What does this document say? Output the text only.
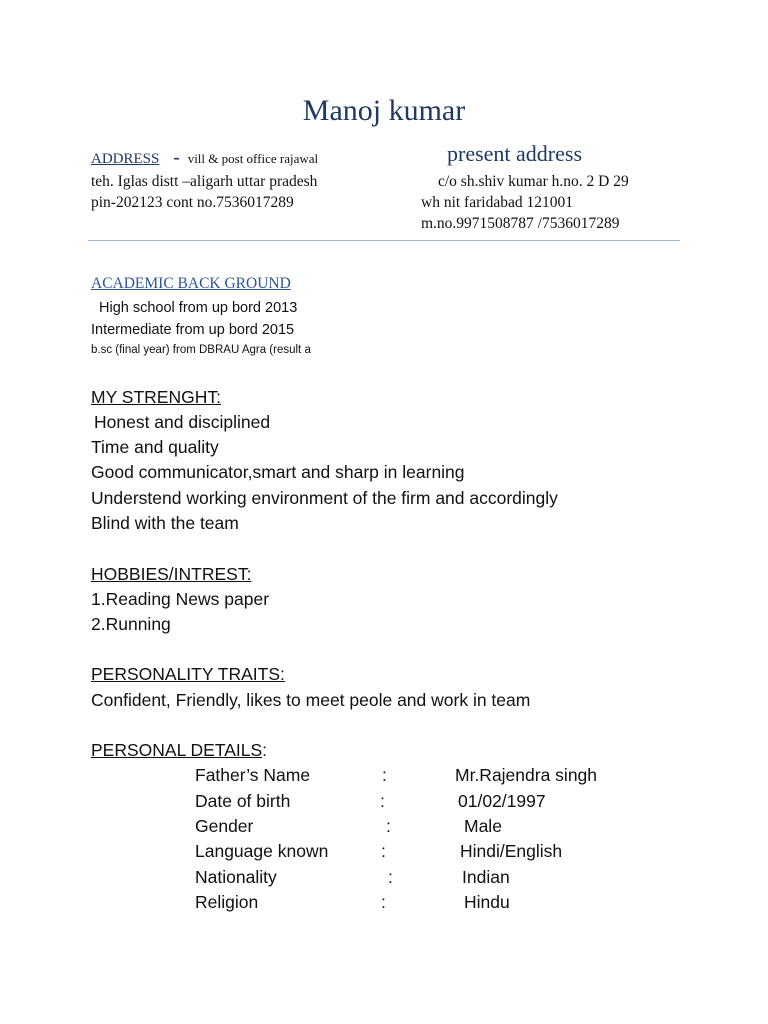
Manoj kumar
ADDRESS - vill & post office rajawal
teh. Iglas distt –aligarh uttar pradesh
pin-202123 cont no.7536017289
present address
c/o sh.shiv kumar h.no. 2 D 29
wh nit faridabad 121001
m.no.9971508787 /7536017289
ACADEMIC BACK GROUND
High school from up bord 2013
Intermediate from up bord 2015
b.sc (final year) from DBRAU Agra (result a
MY STRENGHT:
Honest and disciplined
Time and quality
Good communicator,smart and sharp in learning
Understend working environment of the firm and accordingly
Blind with the team
HOBBIES/INTREST:
1.Reading News paper
2.Running
PERSONALITY TRAITS:
Confident, Friendly, likes to meet peole and work in team
PERSONAL DETAILS:
Father’s Name	:	Mr.Rajendra singh
Date of birth	:	01/02/1997
Gender	:	Male
Language known	:	Hindi/English
Nationality	:	Indian
Religion	:	Hindu
